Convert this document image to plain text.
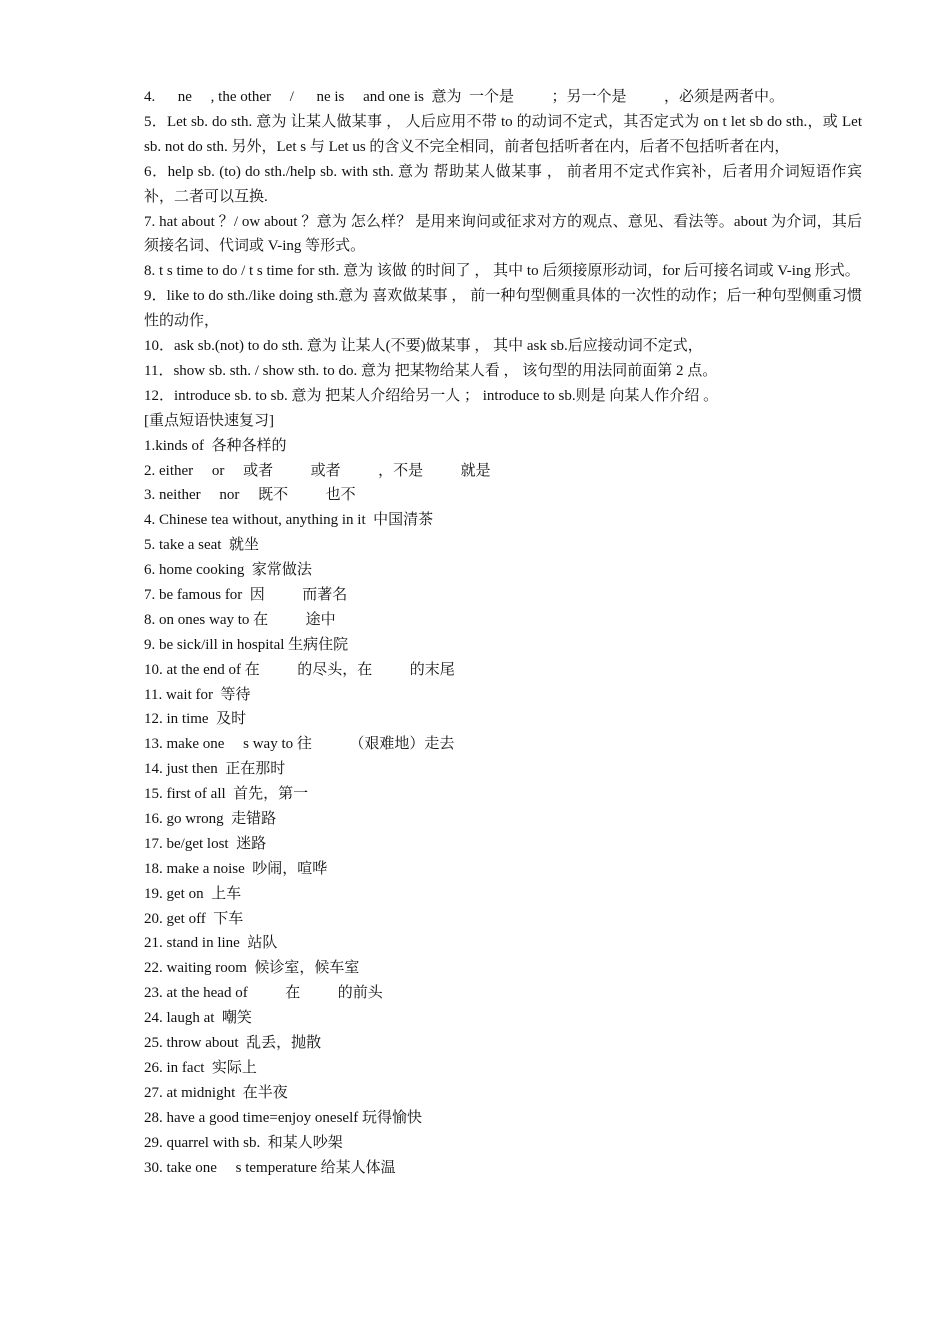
4.      ne     , the other     /      ne is     and one is  意为  一个是          ；另一个是          ，必须是两者中。
5．Let sb. do sth. 意为 让某人做某事 ， 人后应用不带 to 的动词不定式，其否定式为 on t let sb do sth.，或 Let sb. not do sth. 另外，Let s 与 Let us 的含义不完全相同，前者包括听者在内，后者不包括听者在内，
6．help sb. (to) do sth./help sb. with sth. 意为 帮助某人做某事 ， 前者用不定式作宾补，后者用介词短语作宾补，二者可以互换.
7. hat about ？/ ow about ？意为 怎么样？ 是用来询问或征求对方的观点、意见、看法等。about 为介词，其后须接名词、代词或 V-ing 等形式。
8. t s time to do / t s time for sth. 意为 该做 的时间了 ， 其中 to 后须接原形动词，for 后可接名词或 V-ing 形式。
9．like to do sth./like doing sth.意为 喜欢做某事 ， 前一种句型侧重具体的一次性的动作；后一种句型侧重习惯性的动作，
10．ask sb.(not) to do sth. 意为 让某人(不要)做某事 ， 其中 ask sb.后应接动词不定式，
11．show sb. sth. / show sth. to do. 意为 把某物给某人看 ， 该句型的用法同前面第 2 点。
12．introduce sb. to sb. 意为 把某人介绍给另一人 ； introduce to sb.则是 向某人作介绍 。
[重点短语快速复习]
1.kinds of  各种各样的
2. either     or     或者          或者          ，不是          就是
3. neither     nor     既不          也不
4. Chinese tea without, anything in it  中国清茶
5. take a seat  就坐
6. home cooking  家常做法
7. be famous for  因          而著名
8. on ones way to 在          途中
9. be sick/ill in hospital 生病住院
10. at the end of 在          的尽头，在          的末尾
11. wait for  等待
12. in time  及时
13. make one     s way to 往          （艰难地）走去
14. just then  正在那时
15. first of all  首先，第一
16. go wrong  走错路
17. be/get lost  迷路
18. make a noise  吵闹，喧哗
19. get on  上车
20. get off  下车
21. stand in line  站队
22. waiting room  候诊室，候车室
23. at the head of          在          的前头
24. laugh at  嘲笑
25. throw about  乱丢，抛散
26. in fact  实际上
27. at midnight  在半夜
28. have a good time=enjoy oneself 玩得愉快
29. quarrel with sb.  和某人吵架
30. take one     s temperature 给某人体温
